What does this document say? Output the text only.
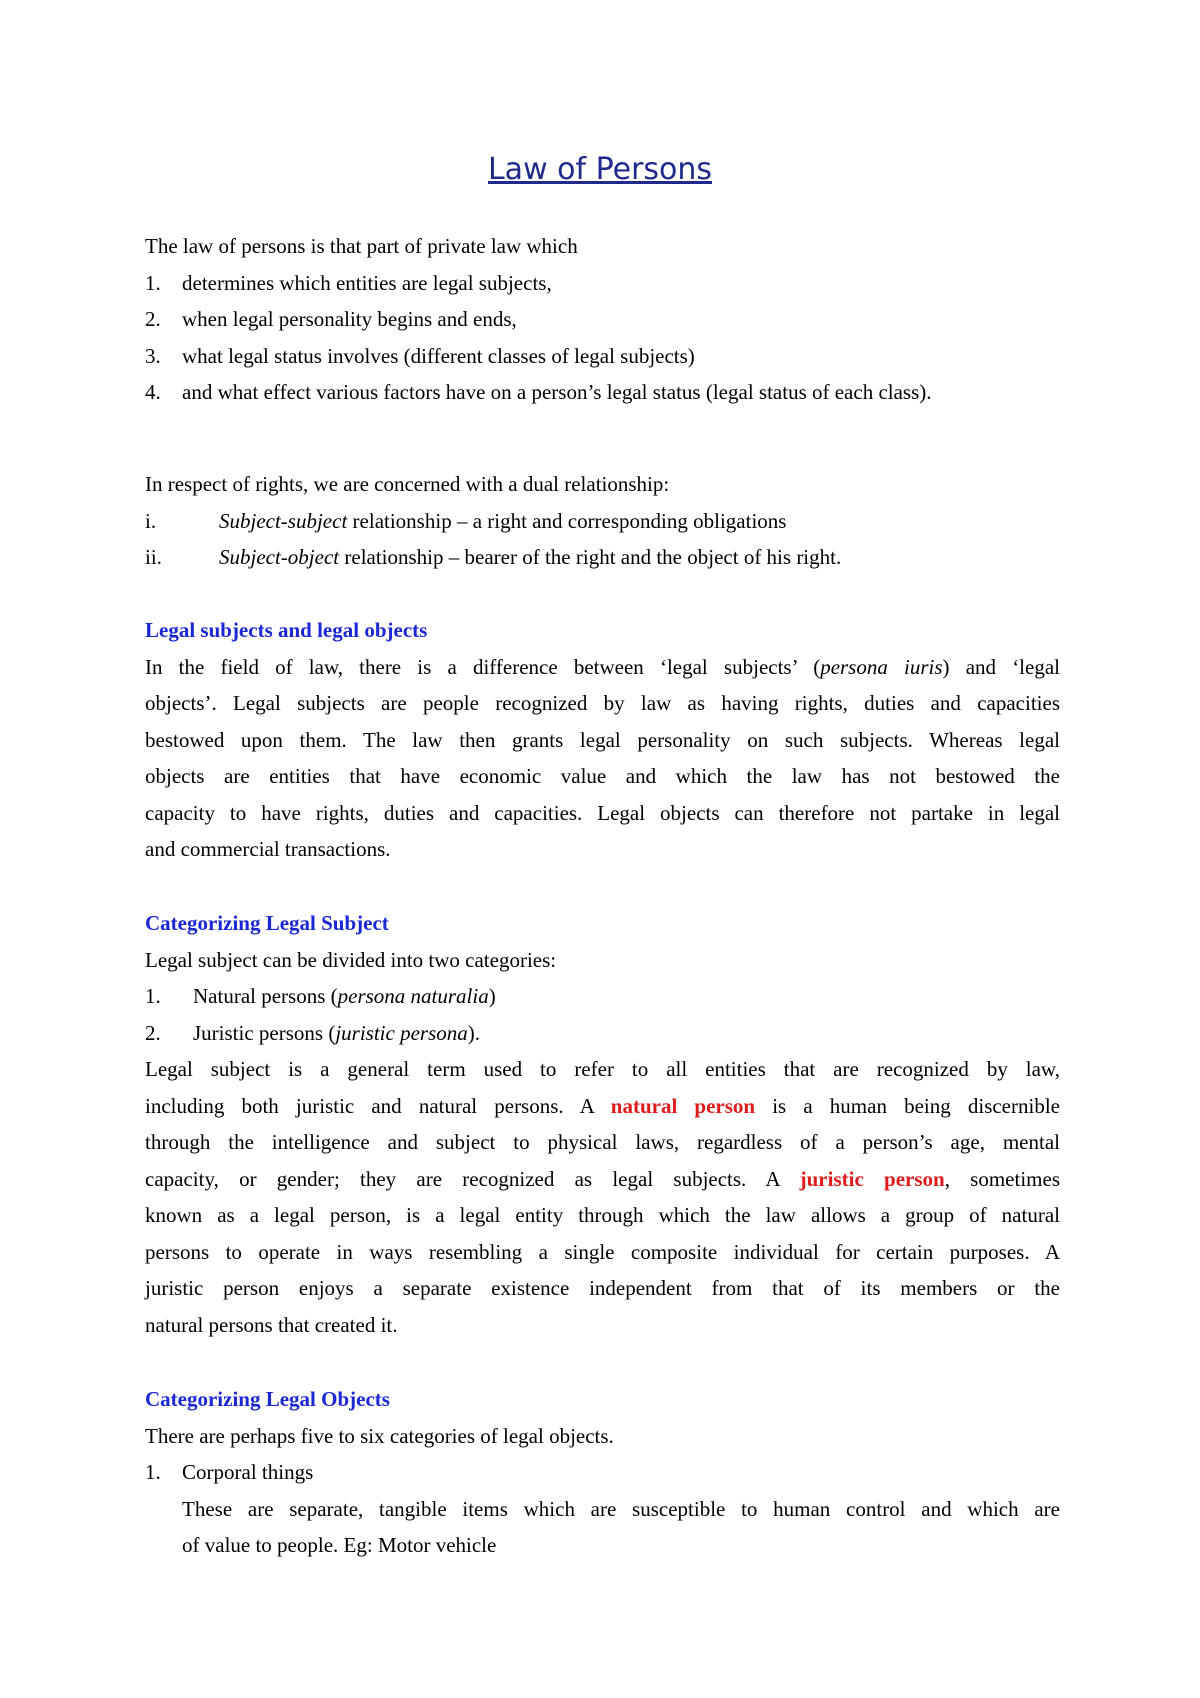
Law of Persons

The law of persons is that part of private law which

1.	determines which entities are legal subjects,
2.	when legal personality begins and ends,
3.	what legal status involves (different classes of legal subjects)
4.	and what effect various factors have on a person’s legal status (legal status of each class).

In respect of rights, we are concerned with a dual relationship:

i.	Subject-subject relationship – a right and corresponding obligations
ii.	Subject-object relationship – bearer of the right and the object of his right.

Legal subjects and legal objects

In the field of law, there is a difference between ‘legal subjects’ (persona iuris) and ‘legal

objects’. Legal subjects are people recognized by law as having rights, duties and capacities

bestowed upon them. The law then grants legal personality on such subjects. Whereas legal

objects are entities that have economic value and which the law has not bestowed the

capacity to have rights, duties and capacities. Legal objects can therefore not partake in legal

and commercial transactions.

Categorizing Legal Subject

Legal subject can be divided into two categories:

1.	Natural persons (persona naturalia)
2.	Juristic persons (juristic persona).

Legal subject is a general term used to refer to all entities that are recognized by law,

including both juristic and natural persons. A natural person is a human being discernible

through the intelligence and subject to physical laws, regardless of a person’s age, mental

capacity, or gender; they are recognized as legal subjects. A juristic person, sometimes

known as a legal person, is a legal entity through which the law allows a group of natural

persons to operate in ways resembling a single composite individual for certain purposes. A

juristic person enjoys a separate existence independent from that of its members or the

natural persons that created it.

Categorizing Legal Objects

There are perhaps five to six categories of legal objects.

1.	Corporal things

These are separate, tangible items which are susceptible to human control and which are

of value to people. Eg: Motor vehicle
